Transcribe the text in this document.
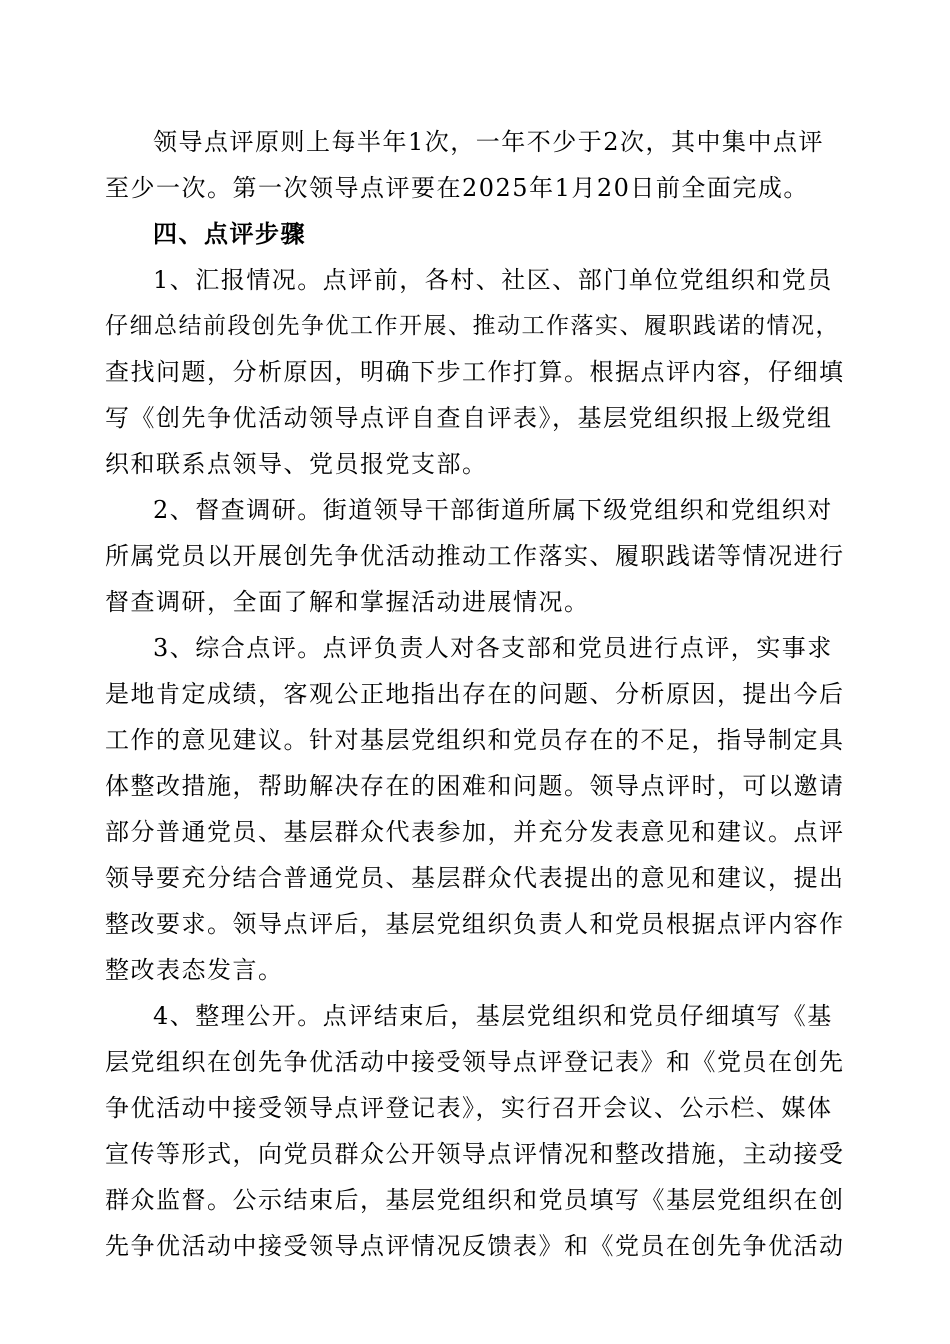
领导点评原则上每半年1次，一年不少于2次，其中集中点评
至少一次。第一次领导点评要在2025年1月20日前全面完成。
四、点评步骤
1、汇报情况。点评前，各村、社区、部门单位党组织和党员
仔细总结前段创先争优工作开展、推动工作落实、履职践诺的情况，
查找问题，分析原因，明确下步工作打算。根据点评内容，仔细填
写《创先争优活动领导点评自查自评表》，基层党组织报上级党组
织和联系点领导、党员报党支部。
2、督查调研。街道领导干部街道所属下级党组织和党组织对
所属党员以开展创先争优活动推动工作落实、履职践诺等情况进行
督查调研，全面了解和掌握活动进展情况。
3、综合点评。点评负责人对各支部和党员进行点评，实事求
是地肯定成绩，客观公正地指出存在的问题、分析原因，提出今后
工作的意见建议。针对基层党组织和党员存在的不足，指导制定具
体整改措施，帮助解决存在的困难和问题。领导点评时，可以邀请
部分普通党员、基层群众代表参加，并充分发表意见和建议。点评
领导要充分结合普通党员、基层群众代表提出的意见和建议，提出
整改要求。领导点评后，基层党组织负责人和党员根据点评内容作
整改表态发言。
4、整理公开。点评结束后，基层党组织和党员仔细填写《基
层党组织在创先争优活动中接受领导点评登记表》和《党员在创先
争优活动中接受领导点评登记表》，实行召开会议、公示栏、媒体
宣传等形式，向党员群众公开领导点评情况和整改措施，主动接受
群众监督。公示结束后，基层党组织和党员填写《基层党组织在创
先争优活动中接受领导点评情况反馈表》和《党员在创先争优活动
